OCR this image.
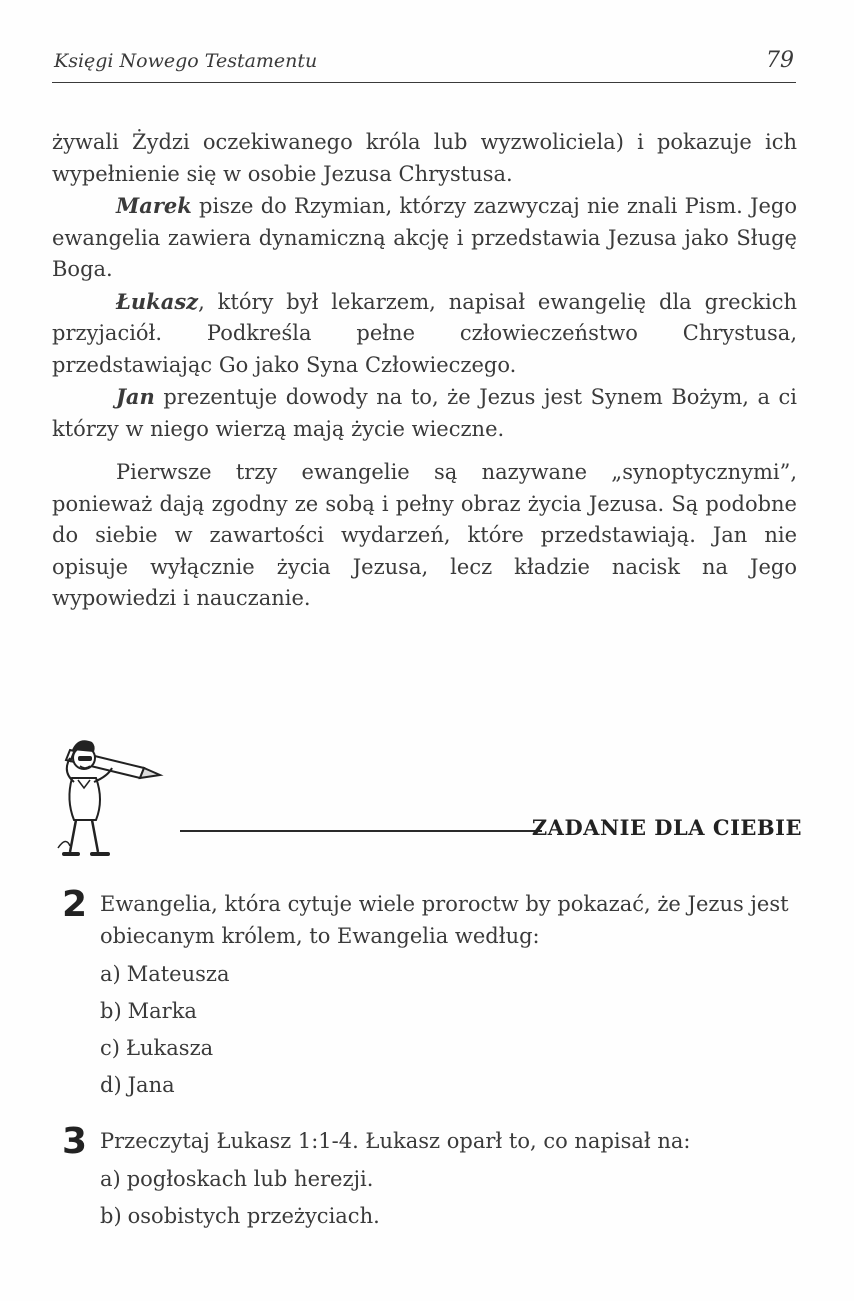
Księgi Nowego Testamentu	79

żywali Żydzi oczekiwanego króla lub wyzwoliciela) i pokazuje ich wypełnienie się w osobie Jezusa Chrystusa.

Marek pisze do Rzymian, którzy zazwyczaj nie znali Pism. Jego ewangelia zawiera dynamiczną akcję i przedstawia Jezusa jako Sługę Boga.

Łukasz, który był lekarzem, napisał ewangelię dla greckich przyjaciół. Podkreśla pełne człowieczeństwo Chrystusa, przedstawiając Go jako Syna Człowieczego.

Jan prezentuje dowody na to, że Jezus jest Synem Bożym, a ci którzy w niego wierzą mają życie wieczne.

Pierwsze trzy ewangelie są nazywane „synoptycznymi”, ponieważ dają zgodny ze sobą i pełny obraz życia Jezusa. Są podobne do siebie w zawartości wydarzeń, które przedstawiają. Jan nie opisuje wyłącznie życia Jezusa, lecz kładzie nacisk na Jego wypowiedzi i nauczanie.

ZADANIE DLA CIEBIE
2 Ewangelia, która cytuje wiele proroctw by pokazać, że Jezus jest obiecanym królem, to Ewangelia według:
a) Mateusza
b) Marka
c) Łukasza
d) Jana
3 Przeczytaj Łukasz 1:1-4. Łukasz oparł to, co napisał na:
a) pogłoskach lub herezji.
b) osobistych przeżyciach.
